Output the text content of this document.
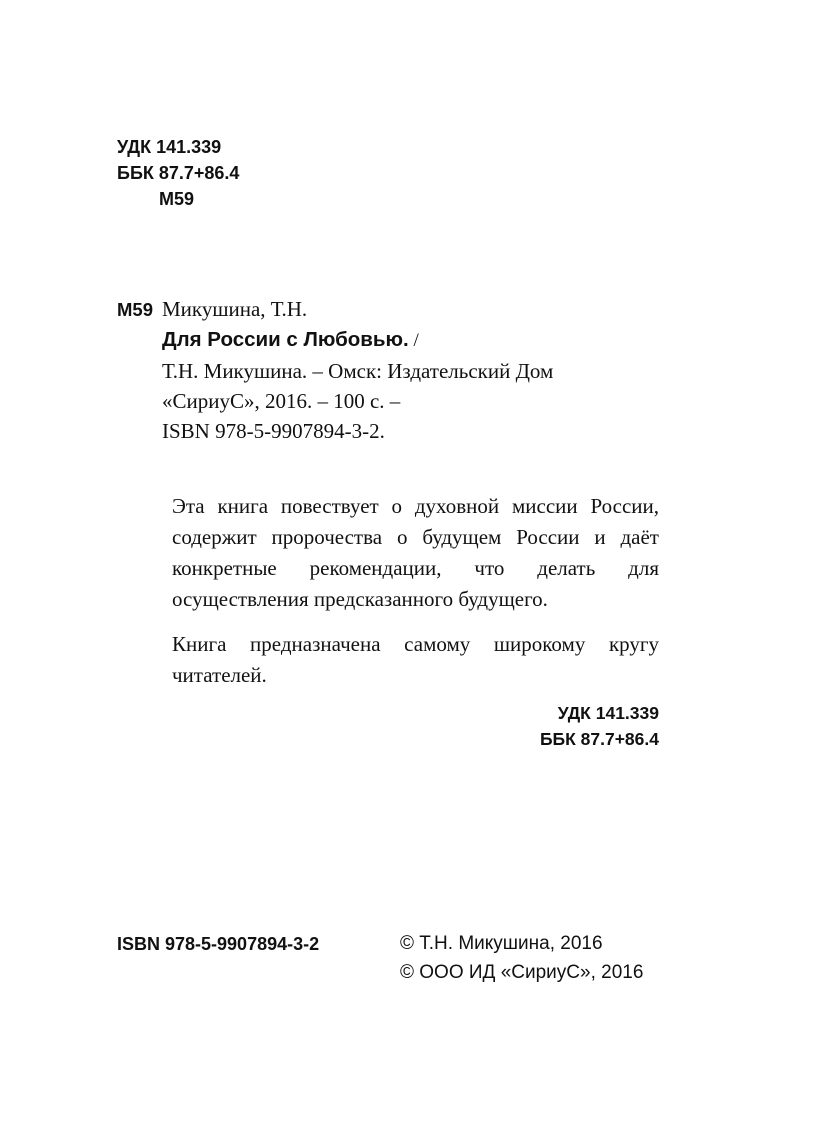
УДК 141.339
ББК 87.7+86.4
М59
М59 Микушина, Т.Н.
Для России с Любовью. /
Т.Н. Микушина. – Омск: Издательский Дом
«СириуС», 2016. – 100 с. –
ISBN 978-5-9907894-3-2.

Эта книга повествует о духовной миссии России, содержит пророчества о будущем России и даёт конкретные рекомендации, что делать для осуществления предсказанного будущего.

Книга предназначена самому широкому кругу читателей.

УДК 141.339
ББК 87.7+86.4
ISBN 978-5-9907894-3-2	© Т.Н. Микушина, 2016
© ООО ИД «СириуС», 2016
